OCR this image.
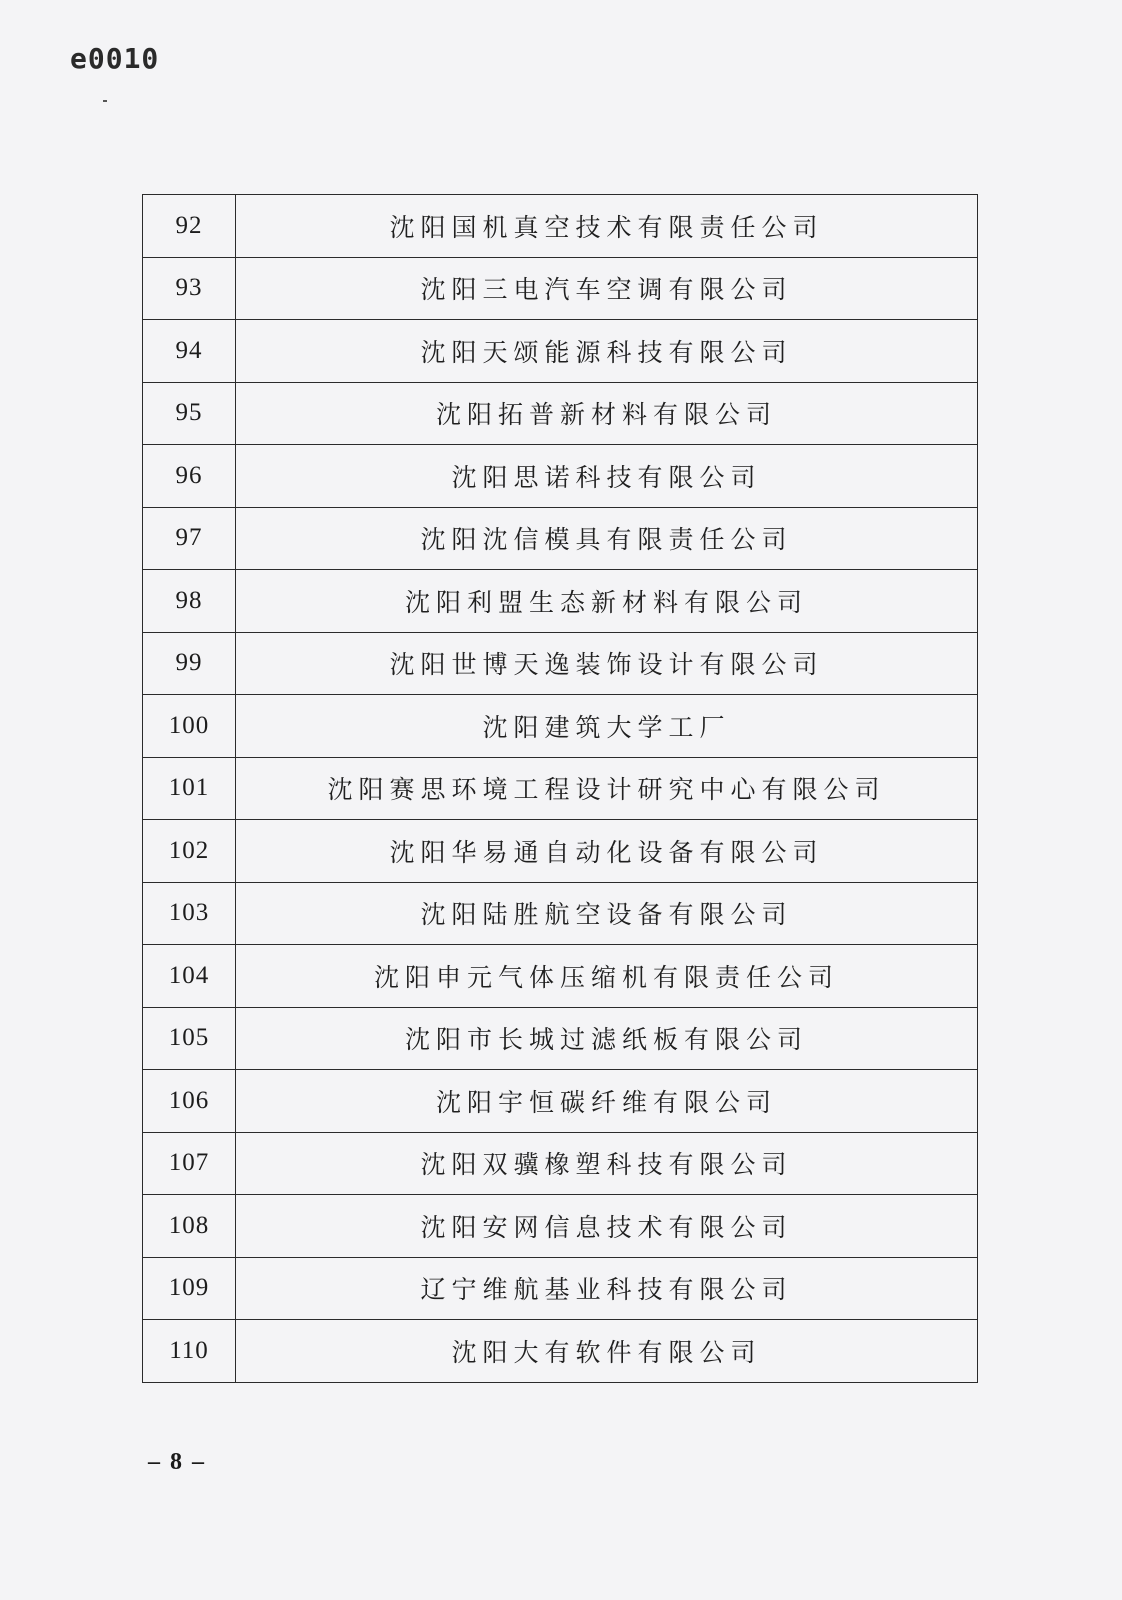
e0010
92	沈阳国机真空技术有限责任公司
93	沈阳三电汽车空调有限公司
94	沈阳天颂能源科技有限公司
95	沈阳拓普新材料有限公司
96	沈阳思诺科技有限公司
97	沈阳沈信模具有限责任公司
98	沈阳利盟生态新材料有限公司
99	沈阳世博天逸装饰设计有限公司
100	沈阳建筑大学工厂
101	沈阳赛思环境工程设计研究中心有限公司
102	沈阳华易通自动化设备有限公司
103	沈阳陆胜航空设备有限公司
104	沈阳申元气体压缩机有限责任公司
105	沈阳市长城过滤纸板有限公司
106	沈阳宇恒碳纤维有限公司
107	沈阳双骥橡塑科技有限公司
108	沈阳安网信息技术有限公司
109	辽宁维航基业科技有限公司
110	沈阳大有软件有限公司
– 8 –
